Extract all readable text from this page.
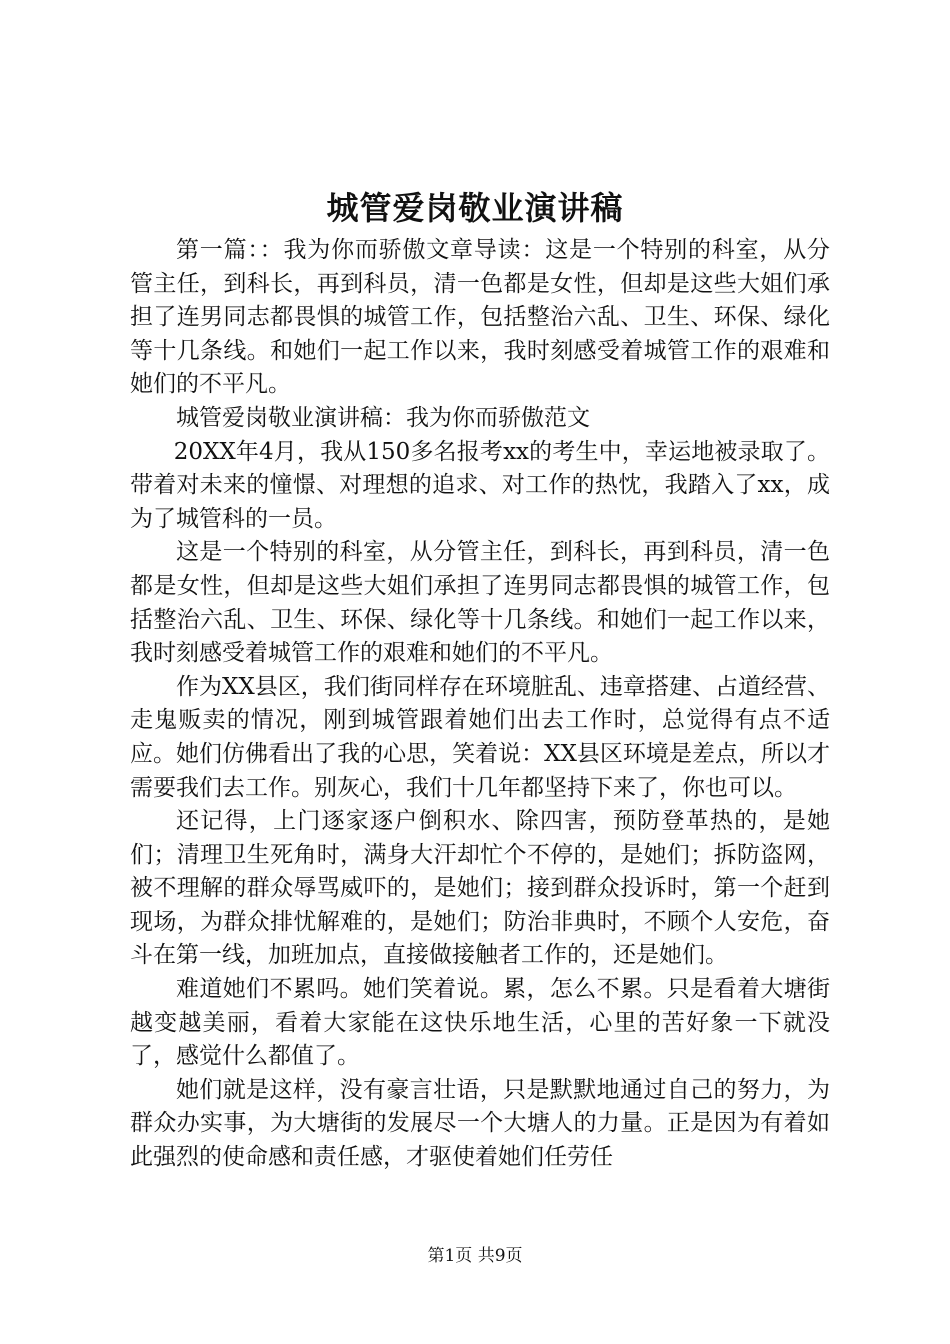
城管爱岗敬业演讲稿

第一篇：：我为你而骄傲文章导读：这是一个特别的科室，从分管主任，到科长，再到科员，清一色都是女性，但却是这些大姐们承担了连男同志都畏惧的城管工作，包括整治六乱、卫生、环保、绿化等十几条线。和她们一起工作以来，我时刻感受着城管工作的艰难和她们的不平凡。

城管爱岗敬业演讲稿：我为你而骄傲范文

20XX年4月，我从150多名报考xx的考生中，幸运地被录取了。带着对未来的憧憬、对理想的追求、对工作的热忱，我踏入了xx，成为了城管科的一员。

这是一个特别的科室，从分管主任，到科长，再到科员，清一色都是女性，但却是这些大姐们承担了连男同志都畏惧的城管工作，包括整治六乱、卫生、环保、绿化等十几条线。和她们一起工作以来，我时刻感受着城管工作的艰难和她们的不平凡。

作为XX县区，我们街同样存在环境脏乱、违章搭建、占道经营、走鬼贩卖的情况，刚到城管跟着她们出去工作时，总觉得有点不适应。她们仿佛看出了我的心思，笑着说：XX县区环境是差点，所以才需要我们去工作。别灰心，我们十几年都坚持下来了，你也可以。

还记得，上门逐家逐户倒积水、除四害，预防登革热的，是她们；清理卫生死角时，满身大汗却忙个不停的，是她们；拆防盗网，被不理解的群众辱骂威吓的，是她们；接到群众投诉时，第一个赶到现场，为群众排忧解难的，是她们；防治非典时，不顾个人安危，奋斗在第一线，加班加点，直接做接触者工作的，还是她们。

难道她们不累吗。她们笑着说。累，怎么不累。只是看着大塘街越变越美丽，看着大家能在这快乐地生活，心里的苦好象一下就没了，感觉什么都值了。

她们就是这样，没有豪言壮语，只是默默地通过自己的努力，为群众办实事，为大塘街的发展尽一个大塘人的力量。正是因为有着如此强烈的使命感和责任感，才驱使着她们任劳任

第1页 共9页
